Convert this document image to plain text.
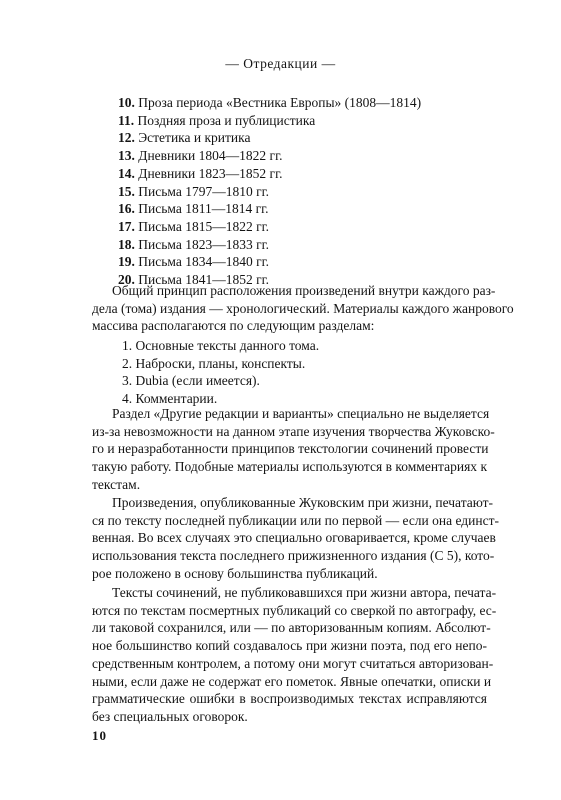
— Отредакции —
10. Проза периода «Вестника Европы» (1808—1814)
11. Поздняя проза и публицистика
12. Эстетика и критика
13. Дневники 1804—1822 гг.
14. Дневники 1823—1852 гг.
15. Письма 1797—1810 гг.
16. Письма 1811—1814 гг.
17. Письма 1815—1822 гг.
18. Письма 1823—1833 гг.
19. Письма 1834—1840 гг.
20. Письма 1841—1852 гг.

Общий принцип расположения произведений внутри каждого раз-
дела (тома) издания — хронологический. Материалы каждого жанрового
массива располагаются по следующим разделам:

1. Основные тексты данного тома.
2. Наброски, планы, конспекты.
3. Dubia (если имеется).
4. Комментарии.

Раздел «Другие редакции и варианты» специально не выделяется
из-за невозможности на данном этапе изучения творчества Жуковско-
го и неразработанности принципов текстологии сочинений провести
такую работу. Подобные материалы используются в комментариях к
текстам.

Произведения, опубликованные Жуковским при жизни, печатают-
ся по тексту последней публикации или по первой — если она единст-
венная. Во всех случаях это специально оговаривается, кроме случаев
использования текста последнего прижизненного издания (С 5), кото-
рое положено в основу большинства публикаций.

Тексты сочинений, не публиковавшихся при жизни автора, печата-
ются по текстам посмертных публикаций со сверкой по автографу, ес-
ли таковой сохранился, или — по авторизованным копиям. Абсолют-
ное большинство копий создавалось при жизни поэта, под его непо-
средственным контролем, а потому они могут считаться авторизован-
ными, если даже не содержат его пометок. Явные опечатки, описки и
грамматические ошибки в воспроизводимых текстах исправляются
без специальных оговорок.

10
